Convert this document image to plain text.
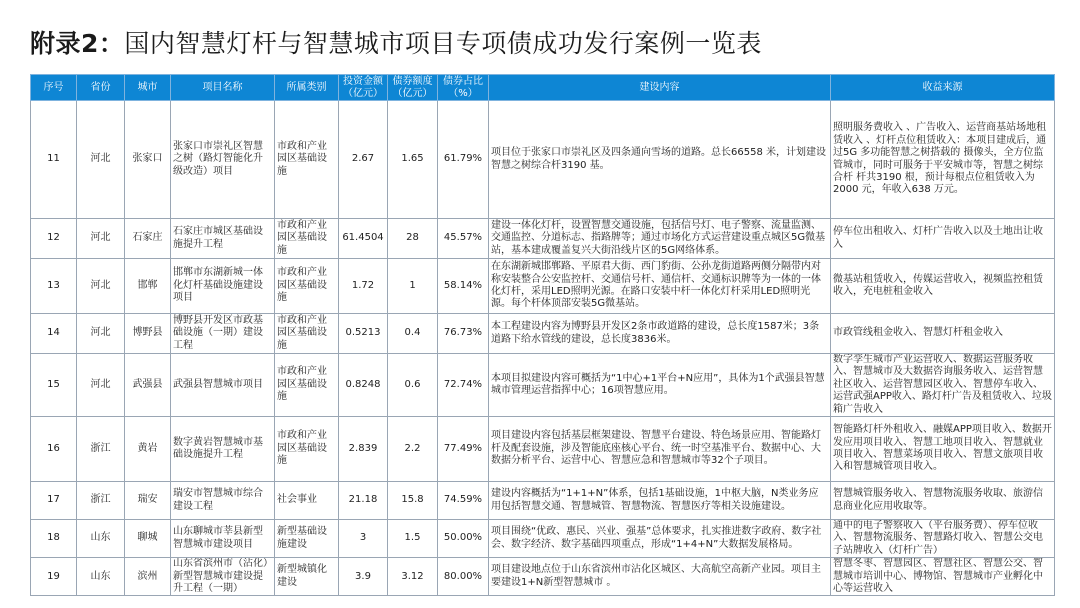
附录2：国内智慧灯杆与智慧城市项目专项债成功发行案例一览表
序号	省份	城市	项目名称	所属类别	投资金额（亿元）	债券额度（亿元）	债券占比（%）	建设内容	收益来源
11	河北	张家口	张家口市崇礼区智慧之树（路灯智能化升级改造）项目	市政和产业园区基础设施	2.67	1.65	61.79%	项目位于张家口市崇礼区及四条通向雪场的道路。总长66558 米，计划建设智慧之树综合杆3190 基。	照明服务费收入 、广告收入、运营商基站场地租赁收入 、灯杆点位租赁收入：本项目建成后，通过5G 多功能智慧之树搭载的 摄像头，全方位监管城市，同时可服务于平安城市等，智慧之树综合杆 杆共3190 根，预计每根点位租赁收入为2000 元，年收入638 万元。
12	河北	石家庄	石家庄市城区基础设施提升工程	市政和产业园区基础设施	61.4504	28	45.57%	建设一体化灯杆，设置智慧交通设施，包括信号灯、电子警察、流量监测、交通监控、分道标志、指路牌等；通过市场化方式运营建设重点城区5G微基站，基本建成覆盖复兴大街沿线片区的5G网络体系。	停车位出租收入、灯杆广告收入以及土地出让收入
13	河北	邯郸	邯郸市东湖新城一体化灯杆基础设施建设项目	市政和产业园区基础设施	1.72	1	58.14%	在东湖新城邯郸路、平原君大街、西门豹街、公孙龙街道路两侧分隔带内对称安装整合公安监控杆、交通信号杆、通信杆、交通标识牌等为一体的一体化灯杆，采用LED照明光源。在路口安装中杆一体化灯杆采用LED照明光源。每个杆体顶部安装5G微基站。	微基站租赁收入，传媒运营收入，视频监控租赁收入，充电桩租金收入
14	河北	博野县	博野县开发区市政基础设施（一期）建设工程	市政和产业园区基础设施	0.5213	0.4	76.73%	本工程建设内容为博野县开发区2条市政道路的建设，总长度1587米；3条道路下给水管线的建设，总长度3836米。	市政管线租金收入、智慧灯杆租金收入
15	河北	武强县	武强县智慧城市项目	市政和产业园区基础设施	0.8248	0.6	72.74%	本项目拟建设内容可概括为“1中心+1平台+N应用”，具体为1个武强县智慧城市管理运营指挥中心；16项智慧应用。	数字孪生城市产业运营收入、数据运营服务收入、智慧城市及大数据咨询服务收入、运营智慧社区收入、运营智慧园区收入、智慧停车收入、运营武强APP收入、路灯杆广告及租赁收入、垃圾箱广告收入
16	浙江	黄岩	数字黄岩智慧城市基础设施提升工程	市政和产业园区基础设施	2.839	2.2	77.49%	项目建设内容包括基层框架建设、智慧平台建设、特色场景应用、智能路灯杆及配套设施，涉及智能底座核心平台、统一时空基准平台、数据中心、大数据分析平台、运营中心、智慧应急和智慧城市等32个子项目。	智能路灯杆外租收入、融媒APP项目收入、数据开发应用项目收入、智慧工地项目收入、智慧就业项目收入、智慧菜场项目收入、智慧文旅项目收入和智慧城管项目收入。
17	浙江	瑞安	瑞安市智慧城市综合建设工程	社会事业	21.18	15.8	74.59%	建设内容概括为“1+1+N”体系，包括1基础设施，1中枢大脑，N类业务应用包括智慧交通、智慧城管、智慧物流、智慧医疗等相关设施建设。	智慧城管服务收入、智慧物流服务收取、旅游信息商业化应用收取等。
18	山东	聊城	山东聊城市莘县新型智慧城市建设项目	新型基础设施建设	3	1.5	50.00%	项目围绕“优政、惠民、兴业、强基”总体要求，扎实推进数字政府、数字社会、数字经济、数字基础四项重点，形成“1+4+N”大数据发展格局。	通中的电子警察收入（平台服务费）、停车位收入、智慧物流服务、智慧路灯收入、智慧公交电子站牌收入（灯杆广告）
19	山东	滨州	山东省滨州市（沾化）新型智慧城市建设提升工程（一期）	新型城镇化建设	3.9	3.12	80.00%	项目建设地点位于山东省滨州市沾化区城区、大高航空高新产业园。项目主要建设1+N新型智慧城市 。	智慧冬枣、智慧园区、智慧社区、智慧公交、智慧城市培训中心、博物馆、智慧城市产业孵化中心等运营收入
